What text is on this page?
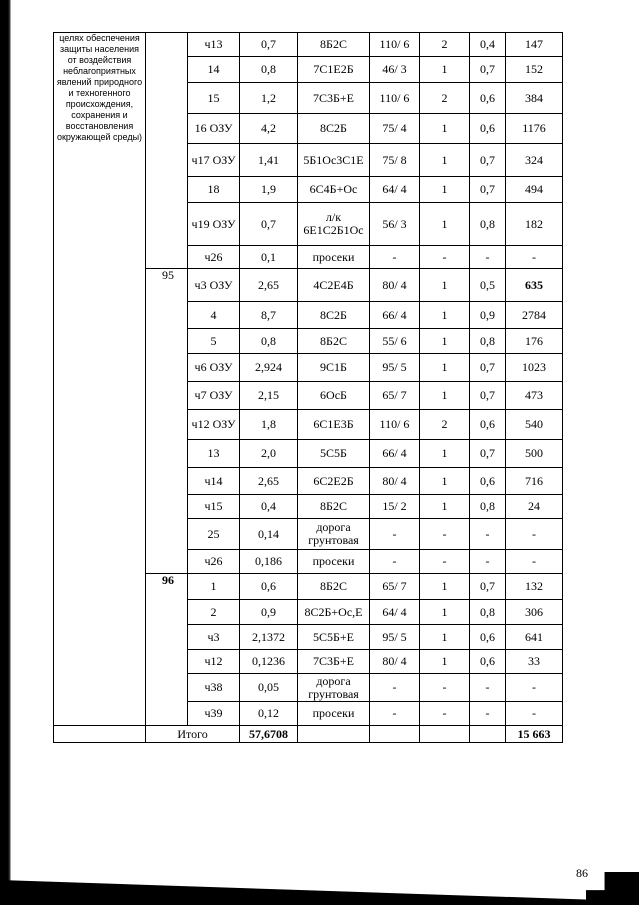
целях обеспечения защиты населения от воздействия неблагоприятных явлений природного и техногенного происхождения, сохранения и восстановления окружающей среды)		ч13	0,7	8Б2С	110/ 6	2	0,4	147
		14	0,8	7С1Е2Б	46/ 3	1	0,7	152
		15	1,2	7С3Б+Е	110/ 6	2	0,6	384
		16 ОЗУ	4,2	8С2Б	75/ 4	1	0,6	1176
		ч17 ОЗУ	1,41	5Б1Ос3С1Е	75/ 8	1	0,7	324
		18	1,9	6С4Б+Ос	64/ 4	1	0,7	494
		ч19 ОЗУ	0,7	л/к 6Е1С2Б1Ос	56/ 3	1	0,8	182
		ч26	0,1	просеки	-	-	-	-
	95	ч3 ОЗУ	2,65	4С2Е4Б	80/ 4	1	0,5	635
		4	8,7	8С2Б	66/ 4	1	0,9	2784
		5	0,8	8Б2С	55/ 6	1	0,8	176
		ч6 ОЗУ	2,924	9С1Б	95/ 5	1	0,7	1023
		ч7 ОЗУ	2,15	6ОсБ	65/ 7	1	0,7	473
		ч12 ОЗУ	1,8	6С1Е3Б	110/ 6	2	0,6	540
		13	2,0	5С5Б	66/ 4	1	0,7	500
		ч14	2,65	6С2Е2Б	80/ 4	1	0,6	716
		ч15	0,4	8Б2С	15/ 2	1	0,8	24
		25	0,14	дорога грунтовая	-	-	-	-
		ч26	0,186	просеки	-	-	-	-
	96	1	0,6	8Б2С	65/ 7	1	0,7	132
		2	0,9	8С2Б+Ос,Е	64/ 4	1	0,8	306
		ч3	2,1372	5С5Б+Е	95/ 5	1	0,6	641
		ч12	0,1236	7С3Б+Е	80/ 4	1	0,6	33
		ч38	0,05	дорога грунтовая	-	-	-	-
		ч39	0,12	просеки	-	-	-	-
	Итого		57,6708					15 663
86
